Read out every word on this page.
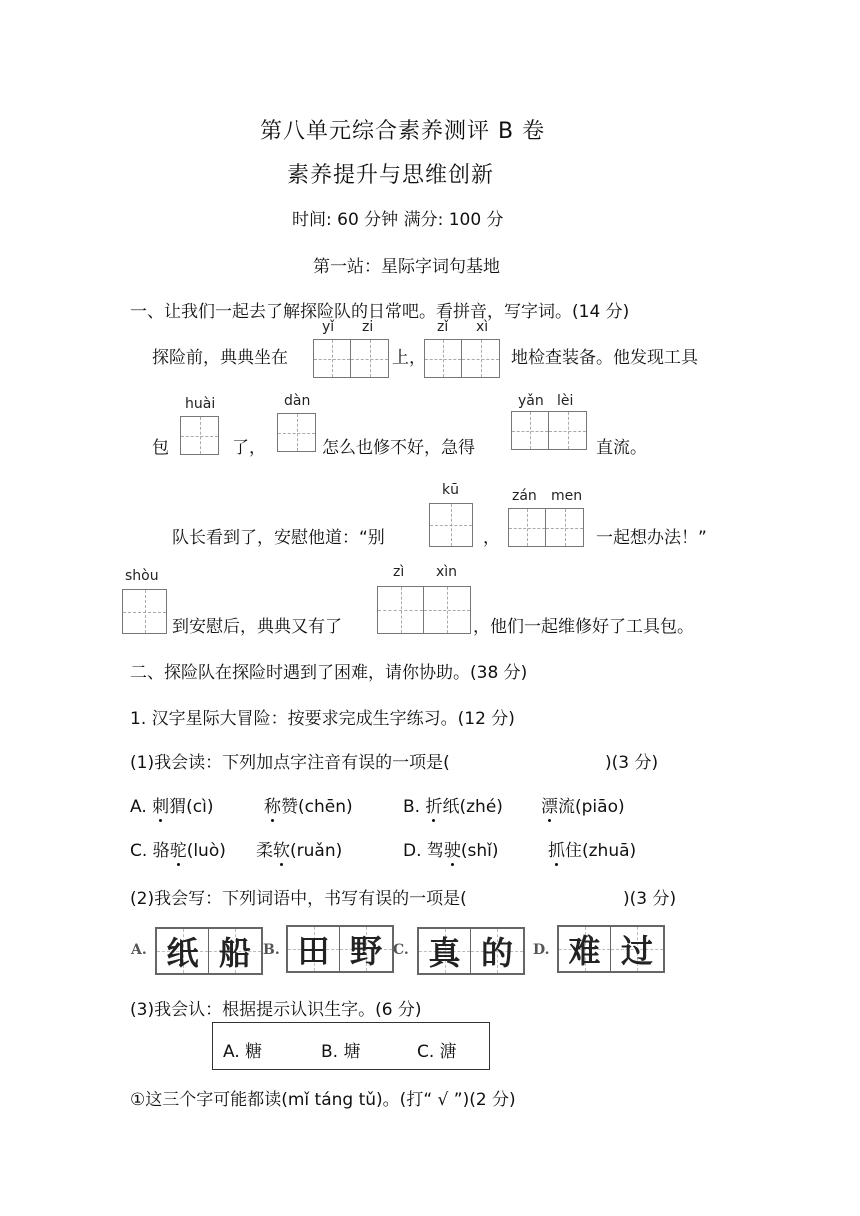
第八单元综合素养测评 B 卷
素养提升与思维创新
时间: 60 分钟 满分: 100 分
第一站：星际字词句基地
一、让我们一起去了解探险队的日常吧。看拼音，写字词。(14 分)
yǐ zi	zǐ xì
探险前，典典坐在	上，	地检查装备。他发现工具
huài	dàn	yǎn lèi
包	了，	怎么也修不好，急得	直流。
kū	zán men
队长看到了，安慰他道：“别	，	一起想办法！”
shòu	zì xìn
到安慰后，典典又有了	，他们一起维修好了工具包。
二、探险队在探险时遇到了困难，请你协助。(38 分)
1. 汉字星际大冒险：按要求完成生字练习。(12 分)
(1)我会读：下列加点字注音有误的一项是(	)(3 分)
A. 刺猬(cì)	称赞(chēn)	B. 折纸(zhé) 漂流(piāo)
C. 骆驼(luò) 柔软(ruǎn)	D. 驾驶(shǐ)	抓住(zhuā)
(2)我会写：下列词语中，书写有误的一项是(	)(3 分)
A. 纸 船 B. 田 野 C. 真 的 D. 难 过
(3)我会认：根据提示认识生字。(6 分)
A. 糖	B. 塘	C. 溏
①这三个字可能都读(mǐ táng tǔ)。(打“ √ ”)(2 分)
